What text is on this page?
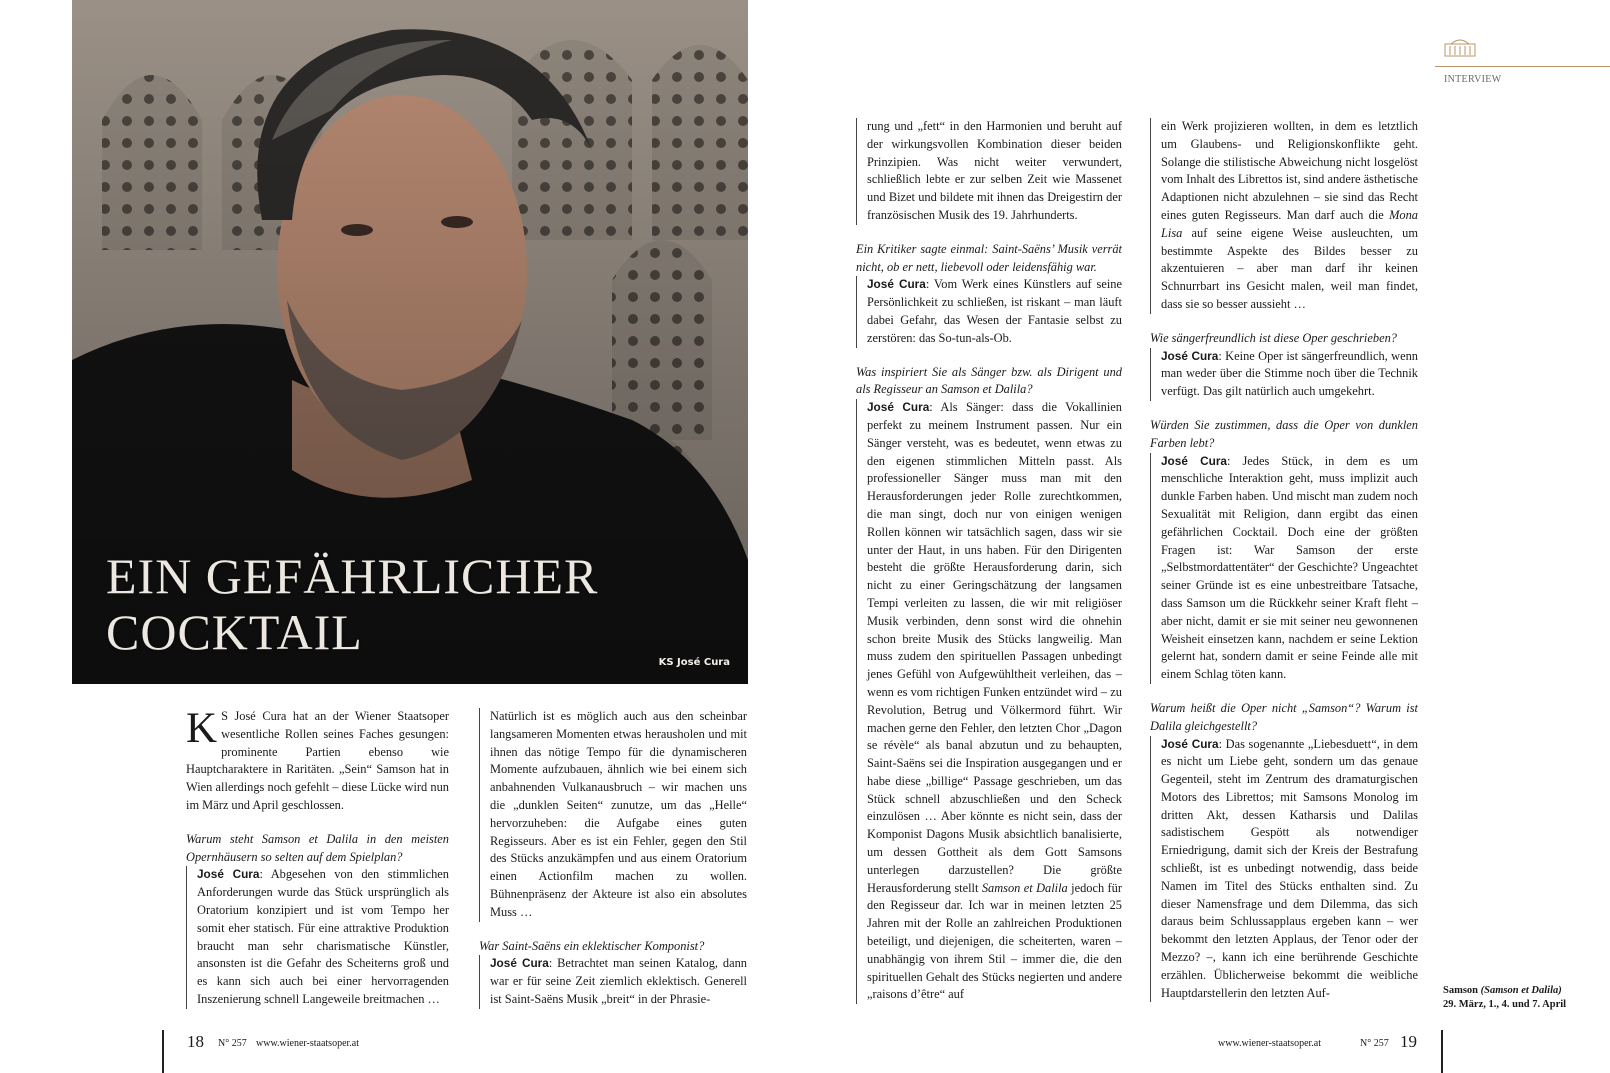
EIN GEFÄHRLICHER
COCKTAIL
KS José Cura

K S José Cura hat an der Wiener Staatsoper wesentliche Rollen seines Faches gesungen: prominente Partien ebenso wie Hauptcharaktere in Raritäten. „Sein“ Samson hat in Wien allerdings noch gefehlt – diese Lücke wird nun im März und April geschlossen.

Warum steht Samson et Dalila in den meisten Opernhäusern so selten auf dem Spielplan?

José Cura: Abgesehen von den stimmlichen Anforderungen wurde das Stück ursprünglich als Oratorium konzipiert und ist vom Tempo her somit eher statisch. Für eine attraktive Produktion braucht man sehr charismatische Künstler, ansonsten ist die Gefahr des Scheiterns groß und es kann sich auch bei einer hervorragenden Inszenierung schnell Langeweile breitmachen …
Natürlich ist es möglich auch aus den scheinbar langsameren Momenten etwas herausholen und mit ihnen das nötige Tempo für die dynamischeren Momente aufzubauen, ähnlich wie bei einem sich anbahnenden Vulkanausbruch – wir machen uns die „dunklen Seiten“ zunutze, um das „Helle“ hervorzuheben: die Aufgabe eines guten Regisseurs. Aber es ist ein Fehler, gegen den Stil des Stücks anzukämpfen und aus einem Oratorium einen Actionfilm machen zu wollen. Bühnenpräsenz der Akteure ist also ein absolutes Muss …

War Saint-Saëns ein eklektischer Komponist?

José Cura: Betrachtet man seinen Katalog, dann war er für seine Zeit ziemlich eklektisch. Generell ist Saint-Saëns Musik „breit“ in der Phrasie-
rung und „fett“ in den Harmonien und beruht auf der wirkungsvollen Kombination dieser beiden Prinzipien. Was nicht weiter verwundert, schließlich lebte er zur selben Zeit wie Massenet und Bizet und bildete mit ihnen das Dreigestirn der französischen Musik des 19. Jahrhunderts.

Ein Kritiker sagte einmal: Saint-Saëns’ Musik verrät nicht, ob er nett, liebevoll oder leidensfähig war.

José Cura: Vom Werk eines Künstlers auf seine Persönlichkeit zu schließen, ist riskant – man läuft dabei Gefahr, das Wesen der Fantasie selbst zu zerstören: das So-tun-als-Ob.

Was inspiriert Sie als Sänger bzw. als Dirigent und als Regisseur an Samson et Dalila?

José Cura: Als Sänger: dass die Vokallinien perfekt zu meinem Instrument passen. Nur ein Sänger versteht, was es bedeutet, wenn etwas zu den eigenen stimmlichen Mitteln passt. Als professioneller Sänger muss man mit den Herausforderungen jeder Rolle zurechtkommen, die man singt, doch nur von einigen wenigen Rollen können wir tatsächlich sagen, dass wir sie unter der Haut, in uns haben. Für den Dirigenten besteht die größte Herausforderung darin, sich nicht zu einer Geringschätzung der langsamen Tempi verleiten zu lassen, die wir mit religiöser Musik verbinden, denn sonst wird die ohnehin schon breite Musik des Stücks langweilig. Man muss zudem den spirituellen Passagen unbedingt jenes Gefühl von Aufgewühltheit verleihen, das – wenn es vom richtigen Funken entzündet wird – zu Revolution, Betrug und Völkermord führt. Wir machen gerne den Fehler, den letzten Chor „Dagon se révèle“ als banal abzutun und zu behaupten, Saint-Saëns sei die Inspiration ausgegangen und er habe diese „billige“ Passage geschrieben, um das Stück schnell abzuschließen und den Scheck einzulösen … Aber könnte es nicht sein, dass der Komponist Dagons Musik absichtlich banalisierte, um dessen Gottheit als dem Gott Samsons unterlegen darzustellen? Die größte Herausforderung stellt Samson et Dalila jedoch für den Regisseur dar. Ich war in meinen letzten 25 Jahren mit der Rolle an zahlreichen Produktionen beteiligt, und diejenigen, die scheiterten, waren – unabhängig von ihrem Stil – immer die, die den spirituellen Gehalt des Stücks negierten und andere „raisons d’être“ auf
ein Werk projizieren wollten, in dem es letztlich um Glaubens- und Religionskonflikte geht. Solange die stilistische Abweichung nicht losgelöst vom Inhalt des Librettos ist, sind andere ästhetische Adaptionen nicht abzulehnen – sie sind das Recht eines guten Regisseurs. Man darf auch die Mona Lisa auf seine eigene Weise ausleuchten, um bestimmte Aspekte des Bildes besser zu akzentuieren – aber man darf ihr keinen Schnurrbart ins Gesicht malen, weil man findet, dass sie so besser aussieht …

Wie sängerfreundlich ist diese Oper geschrieben?

José Cura: Keine Oper ist sängerfreundlich, wenn man weder über die Stimme noch über die Technik verfügt. Das gilt natürlich auch umgekehrt.

Würden Sie zustimmen, dass die Oper von dunklen Farben lebt?

José Cura: Jedes Stück, in dem es um menschliche Interaktion geht, muss implizit auch dunkle Farben haben. Und mischt man zudem noch Sexualität mit Religion, dann ergibt das einen gefährlichen Cocktail. Doch eine der größten Fragen ist: War Samson der erste „Selbstmordattentäter“ der Geschichte? Ungeachtet seiner Gründe ist es eine unbestreitbare Tatsache, dass Samson um die Rückkehr seiner Kraft fleht – aber nicht, damit er sie mit seiner neu gewonnenen Weisheit einsetzen kann, nachdem er seine Lektion gelernt hat, sondern damit er seine Feinde alle mit einem Schlag töten kann.

Warum heißt die Oper nicht „Samson“? Warum ist Dalila gleichgestellt?

José Cura: Das sogenannte „Liebesduett“, in dem es nicht um Liebe geht, sondern um das genaue Gegenteil, steht im Zentrum des dramaturgischen Motors des Librettos; mit Samsons Monolog im dritten Akt, dessen Katharsis und Dalilas sadistischem Gespött als notwendiger Erniedrigung, damit sich der Kreis der Bestrafung schließt, ist es unbedingt notwendig, dass beide Namen im Titel des Stücks enthalten sind. Zu dieser Namensfrage und dem Dilemma, das sich daraus beim Schlussapplaus ergeben kann – wer bekommt den letzten Applaus, der Tenor oder der Mezzo? –, kann ich eine berührende Geschichte erzählen. Üblicherweise bekommt die weibliche Hauptdarstellerin den letzten Auf-
INTERVIEW
Samson (Samson et Dalila)
29. März, 1., 4. und 7. April
18 N° 257 www.wiener-staatsoper.at	www.wiener-staatsoper.at	N° 257 19
